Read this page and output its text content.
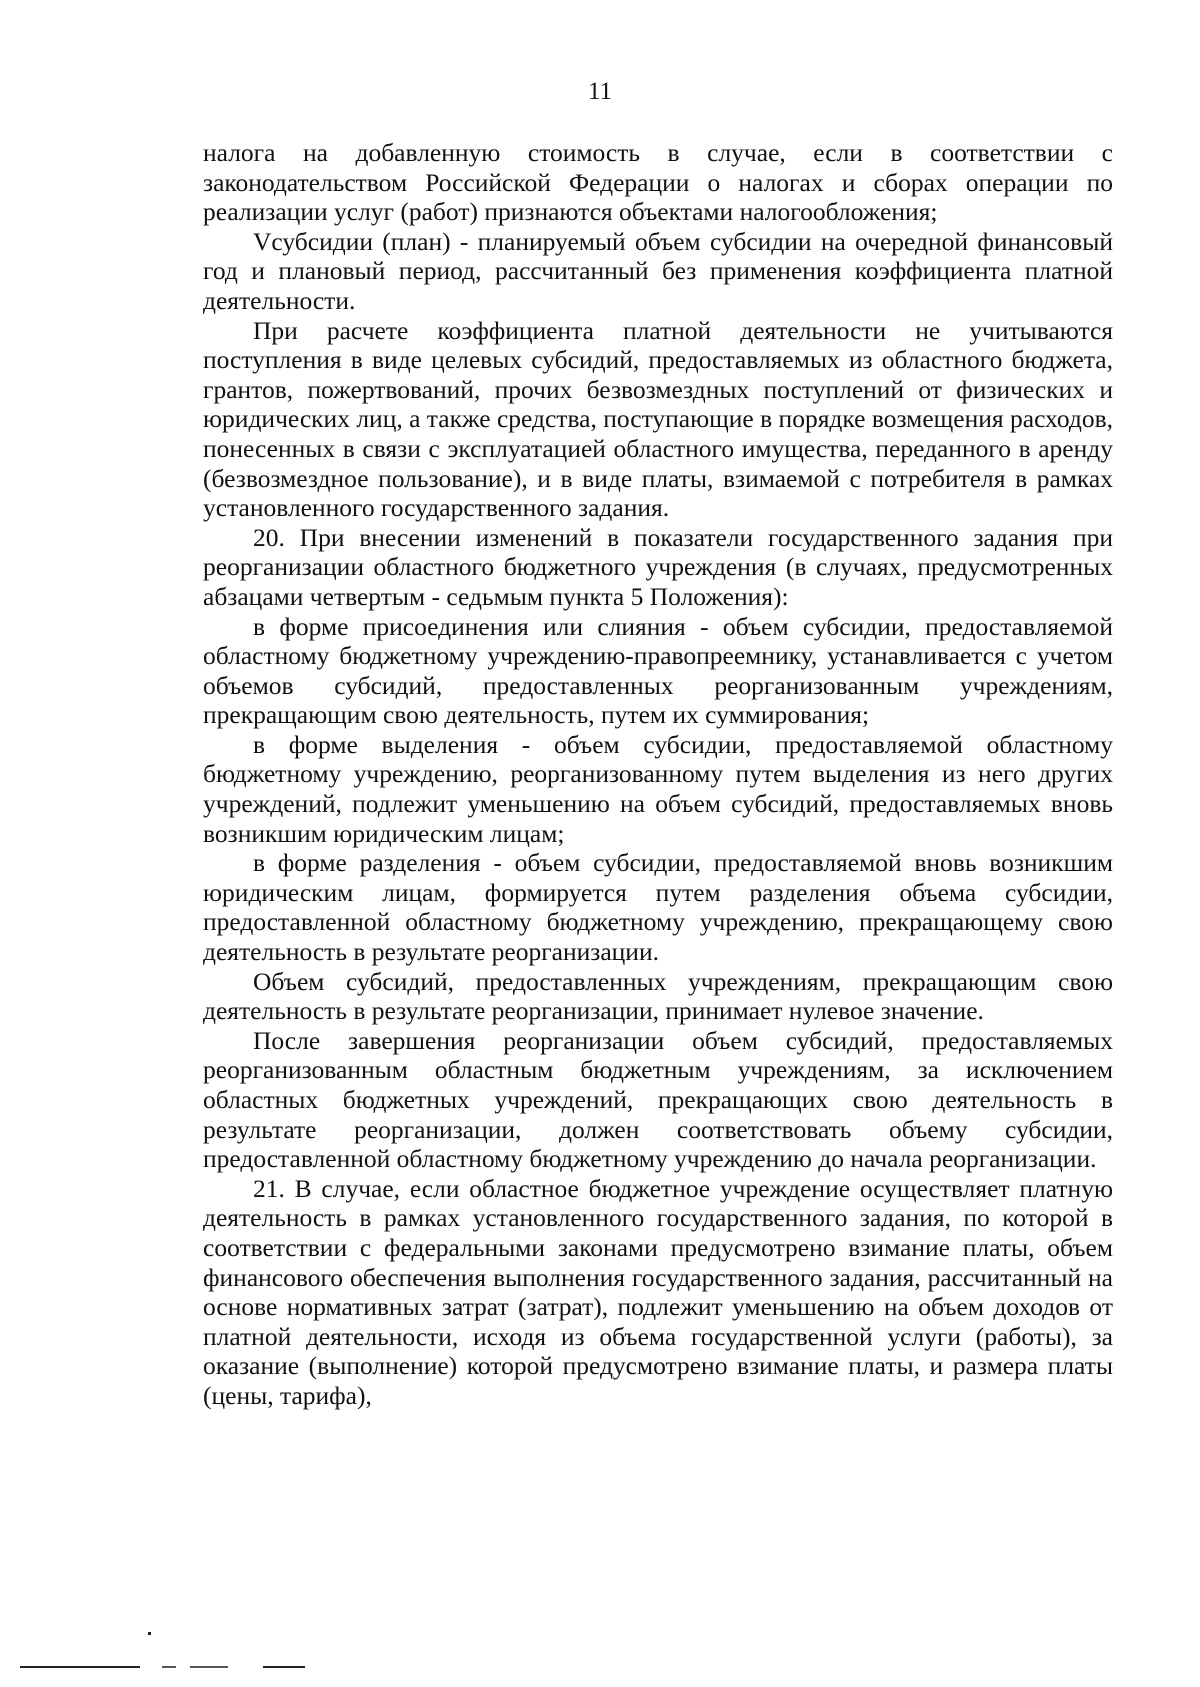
11

налога на добавленную стоимость в случае, если в соответствии с законодательством Российской Федерации о налогах и сборах операции по реализации услуг (работ) признаются объектами налогообложения;

Vсубсидии (план) - планируемый объем субсидии на очередной финансовый год и плановый период, рассчитанный без применения коэффициента платной деятельности.

При расчете коэффициента платной деятельности не учитываются поступления в виде целевых субсидий, предоставляемых из областного бюджета, грантов, пожертвований, прочих безвозмездных поступлений от физических и юридических лиц, а также средства, поступающие в порядке возмещения расходов, понесенных в связи с эксплуатацией областного имущества, переданного в аренду (безвозмездное пользование), и в виде платы, взимаемой с потребителя в рамках установленного государственного задания.

20. При внесении изменений в показатели государственного задания при реорганизации областного бюджетного учреждения (в случаях, предусмотренных абзацами четвертым - седьмым пункта 5 Положения):

в форме присоединения или слияния - объем субсидии, предоставляемой областному бюджетному учреждению-правопреемнику, устанавливается с учетом объемов субсидий, предоставленных реорганизованным учреждениям, прекращающим свою деятельность, путем их суммирования;

в форме выделения - объем субсидии, предоставляемой областному бюджетному учреждению, реорганизованному путем выделения из него других учреждений, подлежит уменьшению на объем субсидий, предоставляемых вновь возникшим юридическим лицам;

в форме разделения - объем субсидии, предоставляемой вновь возникшим юридическим лицам, формируется путем разделения объема субсидии, предоставленной областному бюджетному учреждению, прекращающему свою деятельность в результате реорганизации.

Объем субсидий, предоставленных учреждениям, прекращающим свою деятельность в результате реорганизации, принимает нулевое значение.

После завершения реорганизации объем субсидий, предоставляемых реорганизованным областным бюджетным учреждениям, за исключением областных бюджетных учреждений, прекращающих свою деятельность в результате реорганизации, должен соответствовать объему субсидии, предоставленной областному бюджетному учреждению до начала реорганизации.

21. В случае, если областное бюджетное учреждение осуществляет платную деятельность в рамках установленного государственного задания, по которой в соответствии с федеральными законами предусмотрено взимание платы, объем финансового обеспечения выполнения государственного задания, рассчитанный на основе нормативных затрат (затрат), подлежит уменьшению на объем доходов от платной деятельности, исходя из объема государственной услуги (работы), за оказание (выполнение) которой предусмотрено взимание платы, и размера платы (цены, тарифа),
